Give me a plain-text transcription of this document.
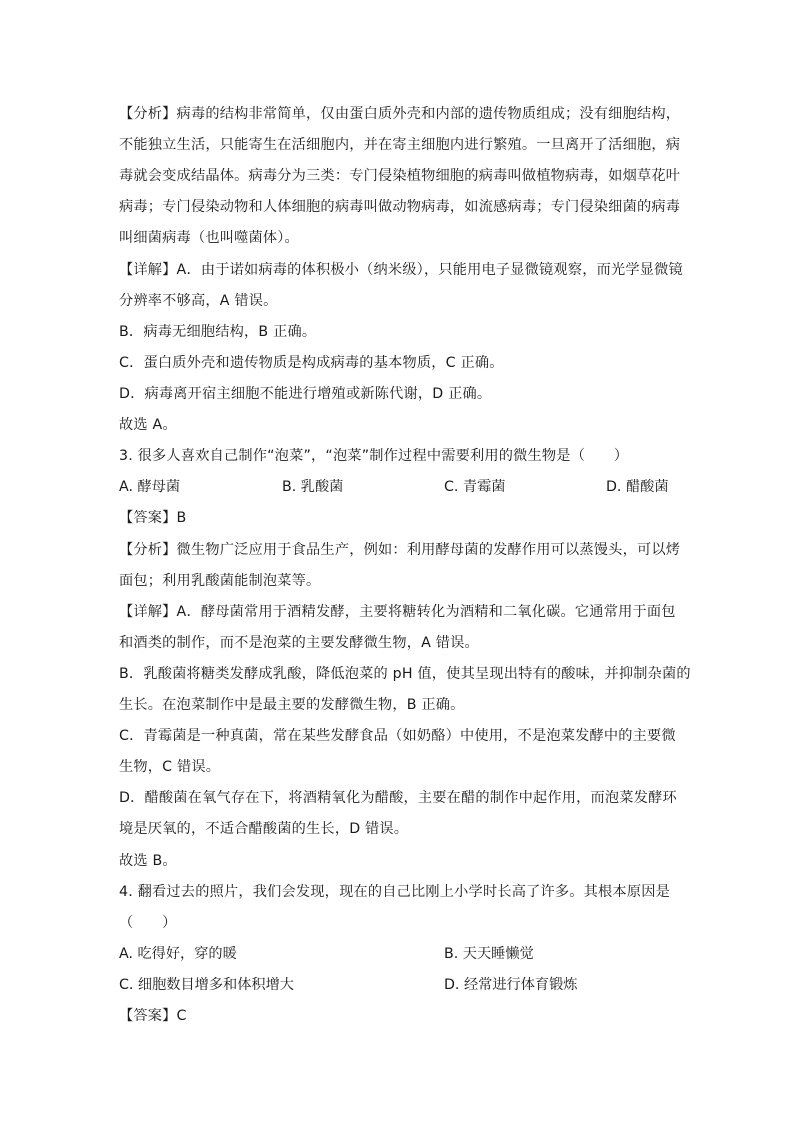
【分析】病毒的结构非常简单，仅由蛋白质外壳和内部的遗传物质组成；没有细胞结构，
不能独立生活，只能寄生在活细胞内，并在寄主细胞内进行繁殖。一旦离开了活细胞，病
毒就会变成结晶体。病毒分为三类：专门侵染植物细胞的病毒叫做植物病毒，如烟草花叶
病毒；专门侵染动物和人体细胞的病毒叫做动物病毒，如流感病毒；专门侵染细菌的病毒
叫细菌病毒（也叫噬菌体）。
【详解】A．由于诺如病毒的体积极小（纳米级），只能用电子显微镜观察，而光学显微镜
分辨率不够高，A 错误。
B．病毒无细胞结构，B 正确。
C．蛋白质外壳和遗传物质是构成病毒的基本物质，C 正确。
D．病毒离开宿主细胞不能进行增殖或新陈代谢，D 正确。
故选 A。
3. 很多人喜欢自己制作“泡菜”，“泡菜”制作过程中需要利用的微生物是（　　）
A. 酵母菌	B. 乳酸菌	C. 青霉菌	D. 醋酸菌
【答案】B
【分析】微生物广泛应用于食品生产，例如：利用酵母菌的发酵作用可以蒸馒头，可以烤
面包；利用乳酸菌能制泡菜等。
【详解】A．酵母菌常用于酒精发酵，主要将糖转化为酒精和二氧化碳。它通常用于面包
和酒类的制作，而不是泡菜的主要发酵微生物，A 错误。
B．乳酸菌将糖类发酵成乳酸，降低泡菜的 pH 值，使其呈现出特有的酸味，并抑制杂菌的
生长。在泡菜制作中是最主要的发酵微生物，B 正确。
C．青霉菌是一种真菌，常在某些发酵食品（如奶酪）中使用，不是泡菜发酵中的主要微
生物，C 错误。
D．醋酸菌在氧气存在下，将酒精氧化为醋酸，主要在醋的制作中起作用，而泡菜发酵环
境是厌氧的，不适合醋酸菌的生长，D 错误。
故选 B。
4. 翻看过去的照片，我们会发现，现在的自己比刚上小学时长高了许多。其根本原因是
（　　）
A. 吃得好，穿的暖	B. 天天睡懒觉
C. 细胞数目增多和体积增大	D. 经常进行体育锻炼
【答案】C
